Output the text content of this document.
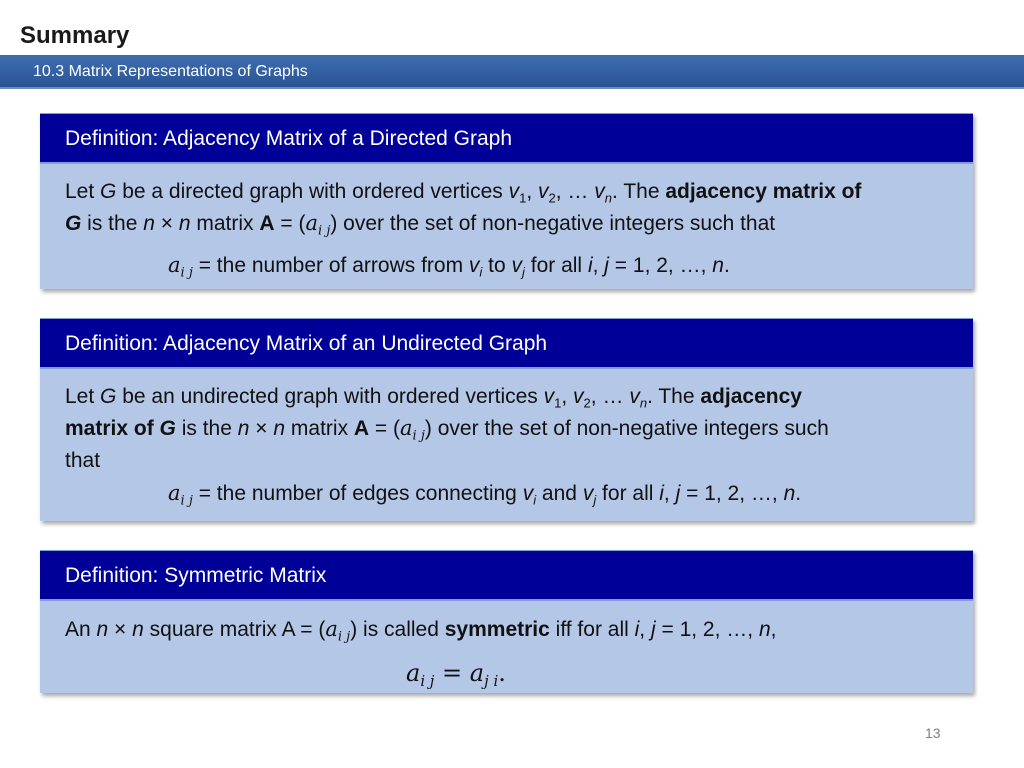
Summary
10.3 Matrix Representations of Graphs
Definition: Adjacency Matrix of a Directed Graph
Let G be a directed graph with ordered vertices $v_1$, $v_2$, … $v_n$. The adjacency matrix of
G is the n × n matrix $A = (a_{i j})$ over the set of non-negative integers such that
$a_{i j}$ = the number of arrows from $v_i$ to $v_j$ for all i, j = 1, 2, …, n.
Definition: Adjacency Matrix of an Undirected Graph
Let G be an undirected graph with ordered vertices $v_1$, $v_2$, … $v_n$. The adjacency
matrix of G is the n × n matrix $A = (a_{i j})$ over the set of non-negative integers such
that
$a_{i j}$ = the number of edges connecting $v_i$ and $v_j$ for all i, j = 1, 2, …, n.
Definition: Symmetric Matrix
An n × n square matrix $A = (a_{i j})$ is called symmetric iff for all i, j = 1, 2, …, n,
$a_{i j} = a_{j i}$.
13
